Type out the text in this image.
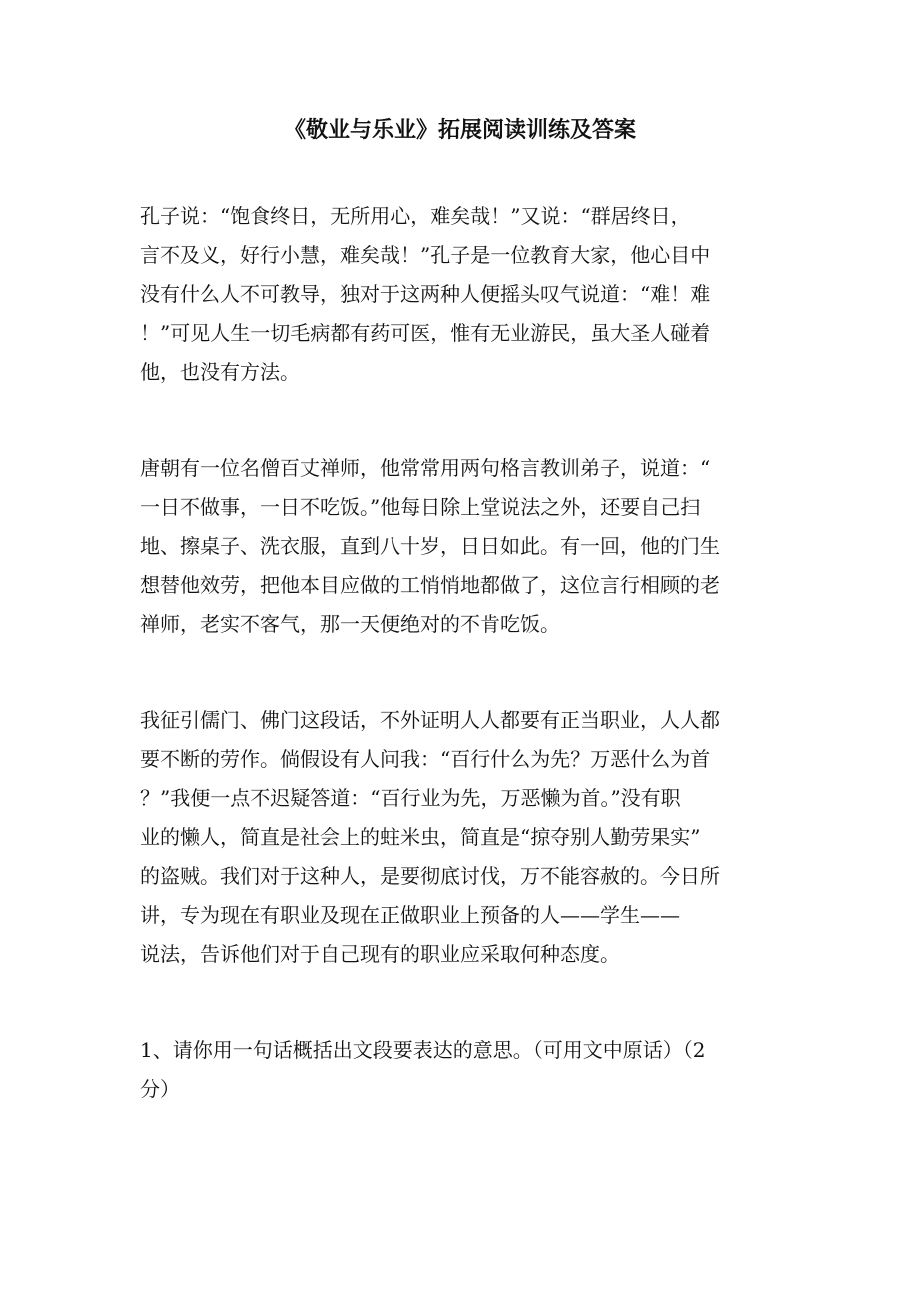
《敬业与乐业》拓展阅读训练及答案
孔子说：“饱食终日，无所用心，难矣哉！”又说：“群居终日，
言不及义，好行小慧，难矣哉！”孔子是一位教育大家，他心目中
没有什么人不可教导，独对于这两种人便摇头叹气说道：“难！难
！”可见人生一切毛病都有药可医，惟有无业游民，虽大圣人碰着
他，也没有方法。
唐朝有一位名僧百丈禅师，他常常用两句格言教训弟子，说道：“
一日不做事，一日不吃饭。”他每日除上堂说法之外，还要自己扫
地、擦桌子、洗衣服，直到八十岁，日日如此。有一回，他的门生
想替他效劳，把他本目应做的工悄悄地都做了，这位言行相顾的老
禅师，老实不客气，那一天便绝对的不肯吃饭。
我征引儒门、佛门这段话，不外证明人人都要有正当职业，人人都
要不断的劳作。倘假设有人问我：“百行什么为先？万恶什么为首
？”我便一点不迟疑答道：“百行业为先，万恶懒为首。”没有职
业的懒人，简直是社会上的蛀米虫，简直是“掠夺别人勤劳果实”
的盗贼。我们对于这种人，是要彻底讨伐，万不能容赦的。今日所
讲，专为现在有职业及现在正做职业上预备的人——学生——
说法，告诉他们对于自己现有的职业应采取何种态度。
1、请你用一句话概括出文段要表达的意思。（可用文中原话）（2
分）
